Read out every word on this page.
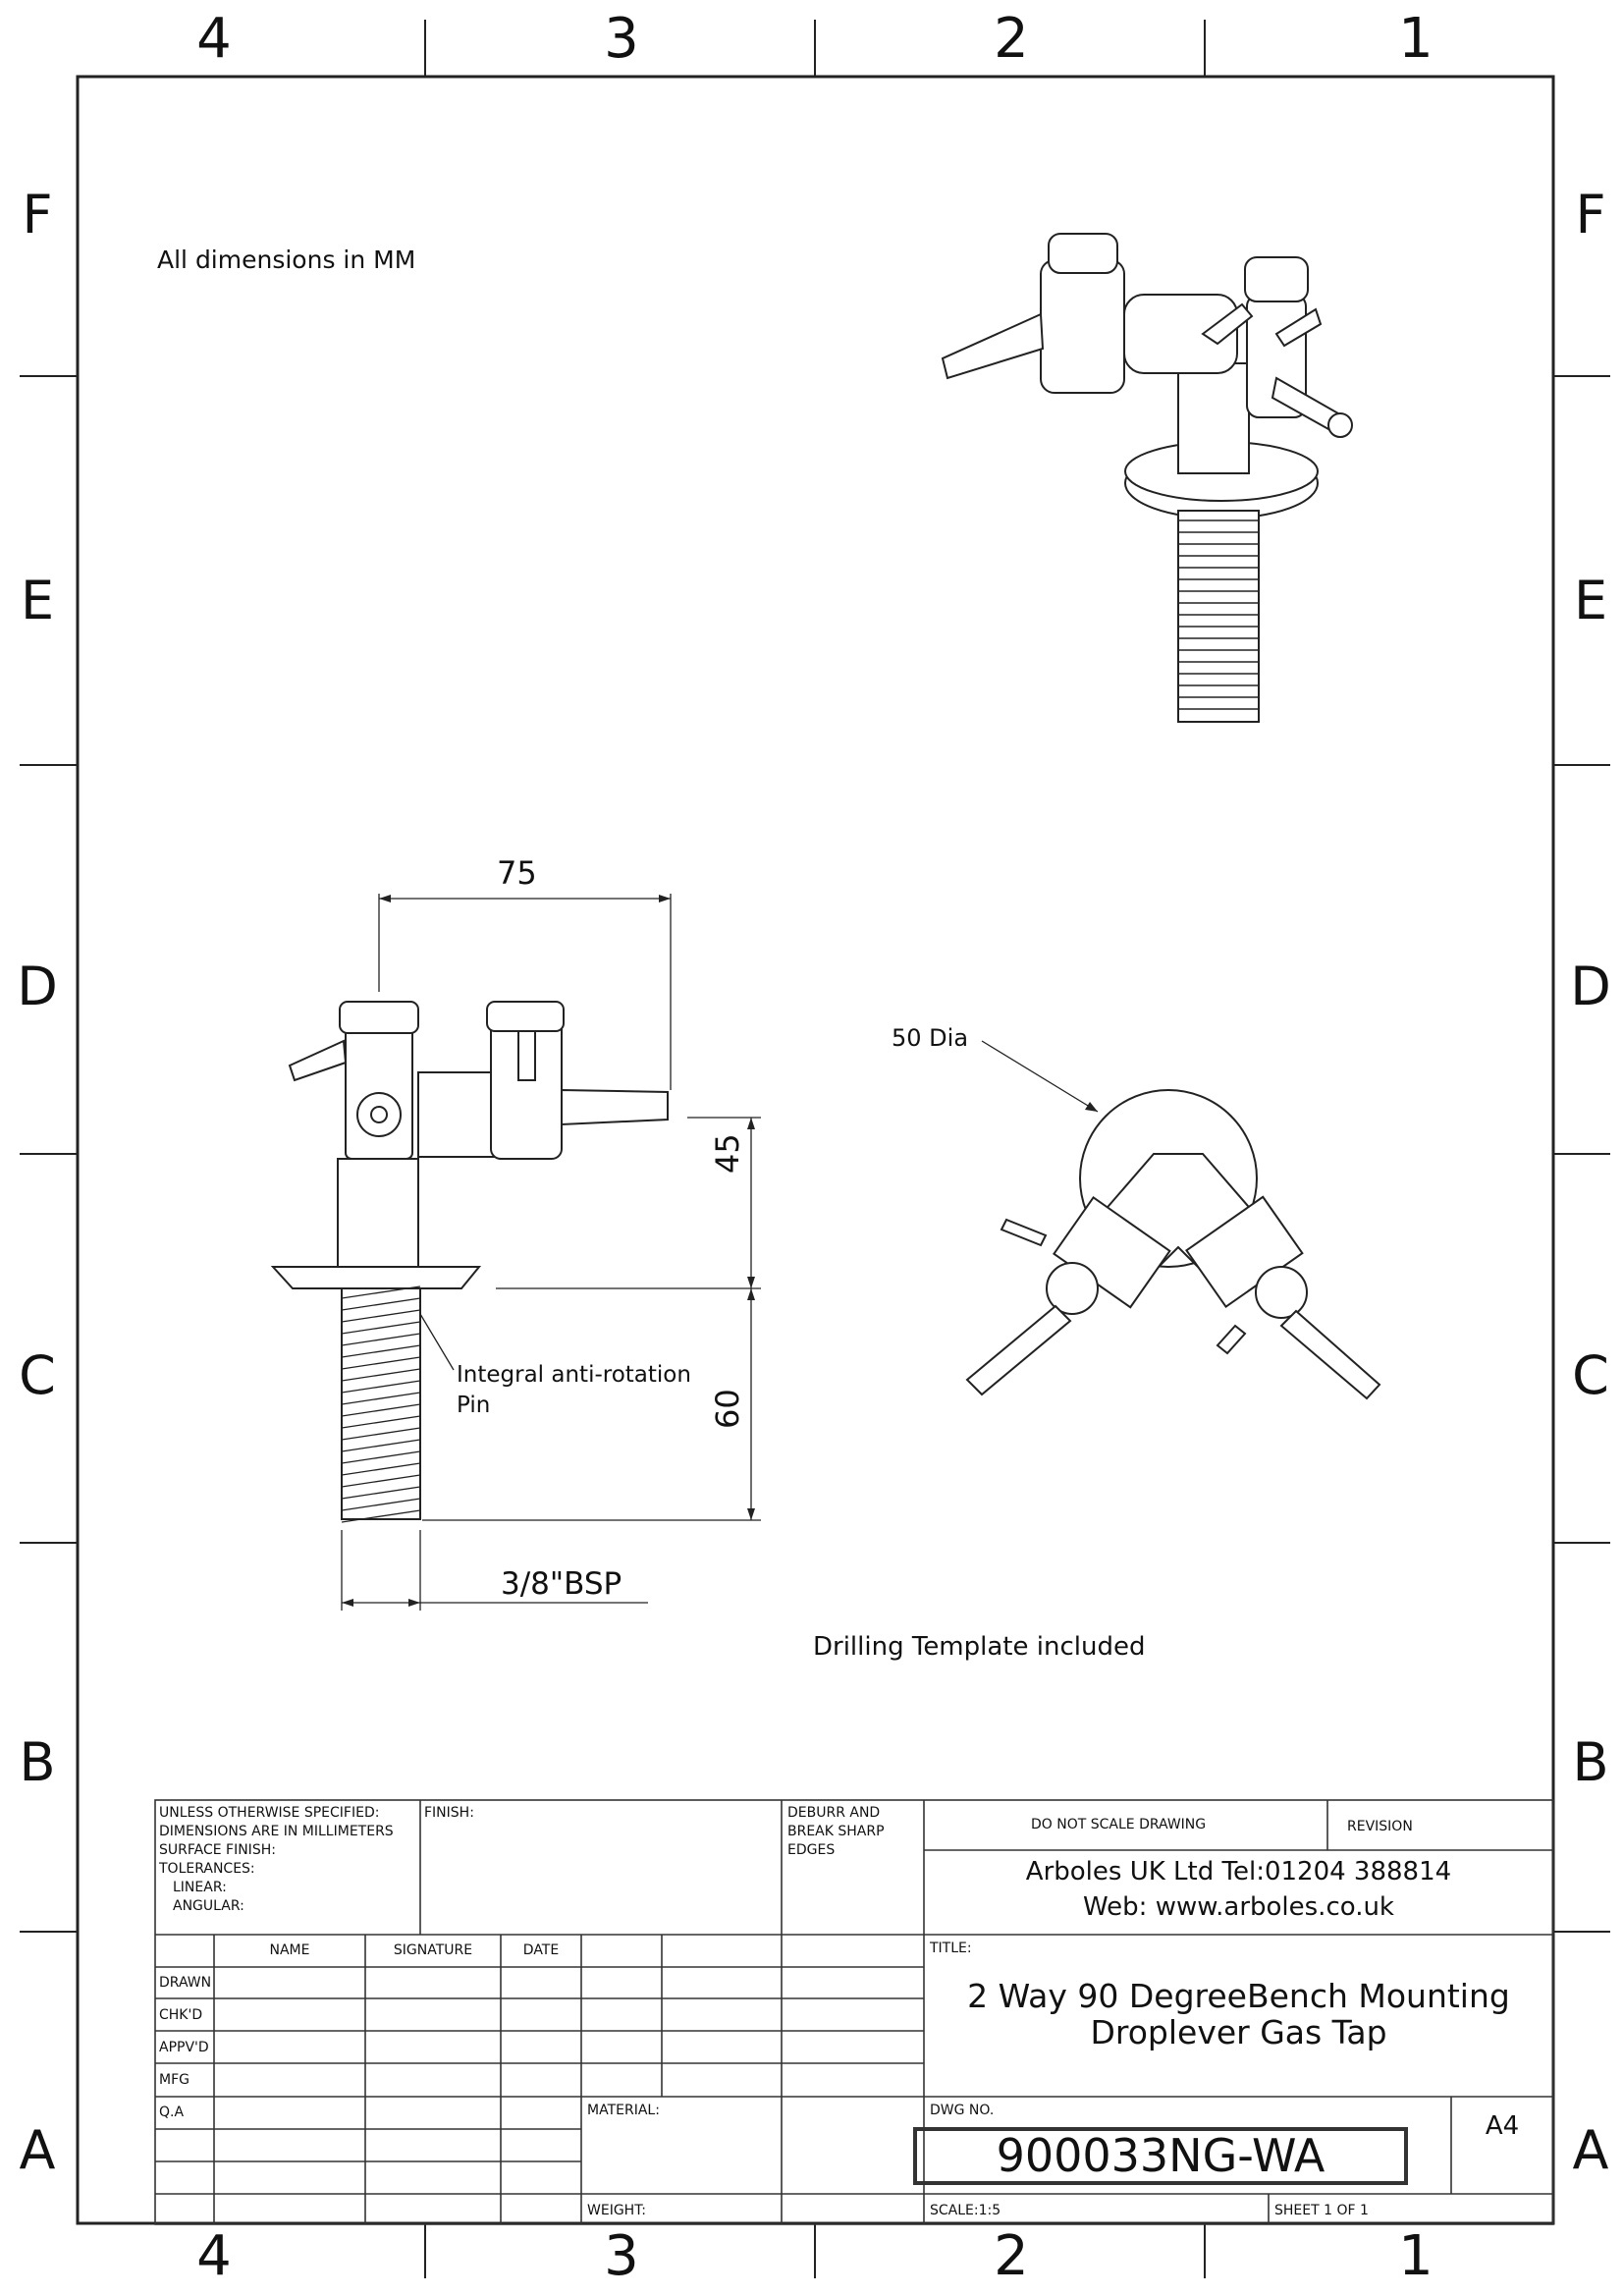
4	3	2	1
4	3	2	1
F
E
D
C
B
A
F
E
D
C
B
A
All dimensions in MM
Drilling Template included
75
45
60
3/8"BSP
50 Dia
Integral anti-rotation
Pin
UNLESS OTHERWISE SPECIFIED:
DIMENSIONS ARE IN MILLIMETERS
SURFACE FINISH:
TOLERANCES:
LINEAR:
ANGULAR:
FINISH:	DEBURR AND
BREAK SHARP
EDGES
DO NOT SCALE DRAWING	REVISION
Arboles UK Ltd Tel:01204 388814
Web: www.arboles.co.uk
NAME	SIGNATURE	DATE
DRAWN
CHK'D
APPV'D
MFG
Q.A
TITLE:
2 Way 90 DegreeBench Mounting
Droplever Gas Tap
MATERIAL:
WEIGHT:
DWG NO.
900033NG-WA
A4
SCALE:1:5	SHEET 1 OF 1
